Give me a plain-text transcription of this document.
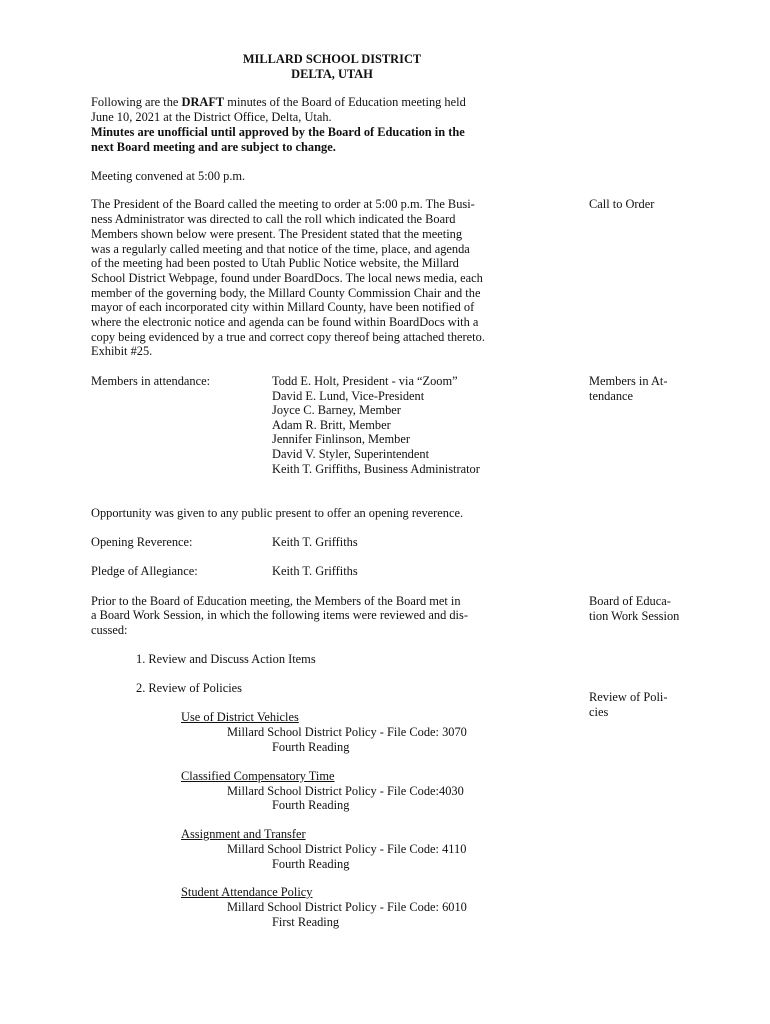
MILLARD SCHOOL DISTRICT
DELTA, UTAH
Following are the DRAFT minutes of the Board of Education meeting held
June 10, 2021 at the District Office, Delta, Utah.
Minutes are unofficial until approved by the Board of Education in the
next Board meeting and are subject to change.
Meeting convened at 5:00 p.m.
The President of the Board called the meeting to order at 5:00 p.m. The Busi-
ness Administrator was directed to call the roll which indicated the Board
Members shown below were present. The President stated that the meeting
was a regularly called meeting and that notice of the time, place, and agenda
of the meeting had been posted to Utah Public Notice website, the Millard
School District Webpage, found under BoardDocs. The local news media, each
member of the governing body, the Millard County Commission Chair and the
mayor of each incorporated city within Millard County, have been notified of
where the electronic notice and agenda can be found within BoardDocs with a
copy being evidenced by a true and correct copy thereof being attached thereto.
Exhibit #25.
Call to Order
Members in attendance:	Todd E. Holt, President - via “Zoom”
David E. Lund, Vice-President
Joyce C. Barney, Member
Adam R. Britt, Member
Jennifer Finlinson, Member
David V. Styler, Superintendent
Keith T. Griffiths, Business Administrator
Members in At-
tendance
Opportunity was given to any public present to offer an opening reverence.
Opening Reverence:	Keith T. Griffiths
Pledge of Allegiance:	Keith T. Griffiths
Prior to the Board of Education meeting, the Members of the Board met in
a Board Work Session, in which the following items were reviewed and dis-
cussed:
Board of Educa-
tion Work Session
1. Review and Discuss Action Items
2. Review of Policies
Review of Poli-
cies
Use of District Vehicles
Millard School District Policy - File Code: 3070
Fourth Reading
Classified Compensatory Time
Millard School District Policy - File Code:4030
Fourth Reading
Assignment and Transfer
Millard School District Policy - File Code: 4110
Fourth Reading
Student Attendance Policy
Millard School District Policy - File Code: 6010
First Reading
